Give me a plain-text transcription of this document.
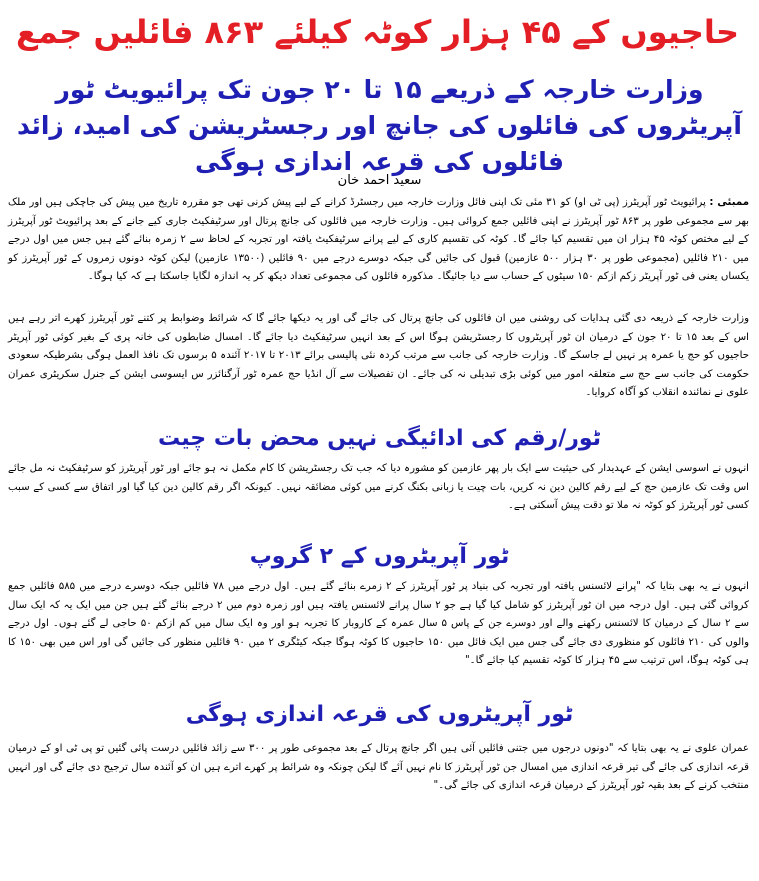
حاجیوں کے ۴۵ ہزار کوٹہ کیلئے ۸۶۳ فائلیں جمع
وزارت خارجہ کے ذریعے ۱۵ تا ۲۰ جون تک پرائیویٹ ٹور آپریٹروں کی فائلوں کی جانچ اور رجسٹریشن کی امید، زائد فائلوں کی قرعہ اندازی ہوگی
سعید احمد خان
ممبئی : پرائیویٹ ٹور آپریٹرز (پی ٹی او) کو ۳۱ مئی تک اپنی فائل وزارت خارجہ میں رجسٹرڈ کرانے کے لیے پیش کرنی تھی جو مقررہ تاریخ میں پیش کی جاچکی ہیں اور ملک بھر سے مجموعی طور پر ۸۶۳ ٹور آپریٹرز نے اپنی فائلیں جمع کروائی ہیں۔ وزارت خارجہ میں فائلوں کی جانچ پرتال اور سرٹیفکیٹ جاری کیے جانے کے بعد پرائیویٹ ٹور آپریٹرز کے لیے مختص کوٹہ ۴۵ ہزار ان میں تقسیم کیا جائے گا۔ کوٹہ کی تقسیم کاری کے لیے پرانے سرٹیفکیٹ یافتہ اور تجربہ کے لحاظ سے ۲ زمرہ بنائے گئے ہیں جس میں اول درجے میں ۲۱۰ فائلیں (مجموعی طور پر ۳۰ ہزار ۵۰۰ عازمین) قبول کی جائیں گی جبکہ دوسرے درجے میں ۹۰ فائلیں (۱۳۵۰۰ عازمین) لیکن کوٹہ دونوں زمروں کے ٹور آپریٹرز کو یکساں یعنی فی ٹور آپریٹر زکم ازکم ۱۵۰ سیٹوں کے حساب سے دیا جائیگا۔ مذکورہ فائلوں کی مجموعی تعداد دیکھ کر یہ اندازہ لگایا جاسکتا ہے کہ کیا ہوگا۔
وزارت خارجہ کے ذریعہ دی گئی ہدایات کی روشنی میں ان فائلوں کی جانچ پرتال کی جائے گی اور یہ دیکھا جائے گا کہ شرائط وضوابط پر کتنے ٹور آپریٹرز کھرے اتر رہے ہیں اس کے بعد ۱۵ تا ۲۰ جون کے درمیان ان ٹور آپریٹروں کا رجسٹریشن ہوگا اس کے بعد انہیں سرٹیفکیٹ دیا جائے گا۔ امسال ضابطوں کی خانہ پری کے بغیر کوئی ٹور آپریٹر حاجیوں کو حج یا عمرہ پر نہیں لے جاسکے گا۔ وزارت خارجہ کی جانب سے مرتب کردہ نئی پالیسی برائے ۲۰۱۳ تا ۲۰۱۷ آئندہ ۵ برسوں تک نافذ العمل ہوگی بشرطیکہ سعودی حکومت کی جانب سے حج سے متعلقہ امور میں کوئی بڑی تبدیلی نہ کی جائے۔ ان تفصیلات سے آل انڈیا حج عمرہ ٹور آرگنائزر س ایسوسی ایشن کے جنرل سکریٹری عمران علوی نے نمائندہ انقلاب کو آگاہ کروایا۔
ٹور/رقم کی ادائیگی نہیں محض بات چیت
انہوں نے اسوسی ایشن کے عہدیدار کی حیثیت سے ایک بار پھر عازمین کو مشورہ دیا کہ جب تک رجسٹریشن کا کام مکمل نہ ہو جائے اور ٹور آپریٹرز کو سرٹیفکیٹ نہ مل جائے اس وقت تک عازمین حج کے لیے رقم کالین دین نہ کریں، بات چیت یا زبانی بکنگ کرنے میں کوئی مضائقہ نہیں۔ کیونکہ اگر رقم کالین دین کیا گیا اور اتفاق سے کسی کے سبب کسی ٹور آپریٹرز کو کوٹہ نہ ملا تو دقت پیش آسکتی ہے۔
ٹور آپریٹروں کے ۲ گروپ
انہوں نے یہ بھی بتایا کہ "پرانے لائسنس یافتہ اور تجربہ کی بنیاد پر ٹور آپریٹرز کے ۲ زمرے بنائے گئے ہیں۔ اول درجے میں ۷۸ فائلیں جبکہ دوسرے درجے میں ۵۸۵ فائلیں جمع کروائی گئی ہیں۔ اول درجہ میں ان ٹور آپریٹرز کو شامل کیا گیا ہے جو ۲ سال پرانے لائسنس یافتہ ہیں اور زمرہ دوم میں ۲ درجے بنائے گئے ہیں جن میں ایک یہ کہ ایک سال سے ۲ سال کے درمیان کا لائسنس رکھنے والے اور دوسرے جن کے پاس ۵ سال عمرہ کے کاروبار کا تجربہ ہو اور وہ ایک سال میں کم ازکم ۵۰ حاجی لے گئے ہوں۔ اول درجے والوں کی ۲۱۰ فائلوں کو منظوری دی جائے گی جس میں ایک فائل میں ۱۵۰ حاجیوں کا کوٹہ ہوگا جبکہ کیٹگری ۲ میں ۹۰ فائلیں منظور کی جائیں گی اور اس میں بھی ۱۵۰ کا ہی کوٹہ ہوگا، اس ترتیب سے ۴۵ ہزار کا کوٹہ تقسیم کیا جائے گا۔"
ٹور آپریٹروں کی قرعہ اندازی ہوگی
عمران علوی نے یہ بھی بتایا کہ "دونوں درجوں میں جتنی فائلیں آئی ہیں اگر جانچ پرتال کے بعد مجموعی طور پر ۳۰۰ سے زائد فائلیں درست پائی گئیں تو پی ٹی او کے درمیان قرعہ اندازی کی جائے گی تیر قرعہ اندازی میں امسال جن ٹور آپریٹرز کا نام نہیں آئے گا لیکن چونکہ وہ شرائط پر کھرے اترے ہیں ان کو آئندہ سال ترجیح دی جائے گی اور انہیں منتخب کرنے کے بعد بقیہ ٹور آپریٹرز کے درمیان قرعہ اندازی کی جائے گی۔"
